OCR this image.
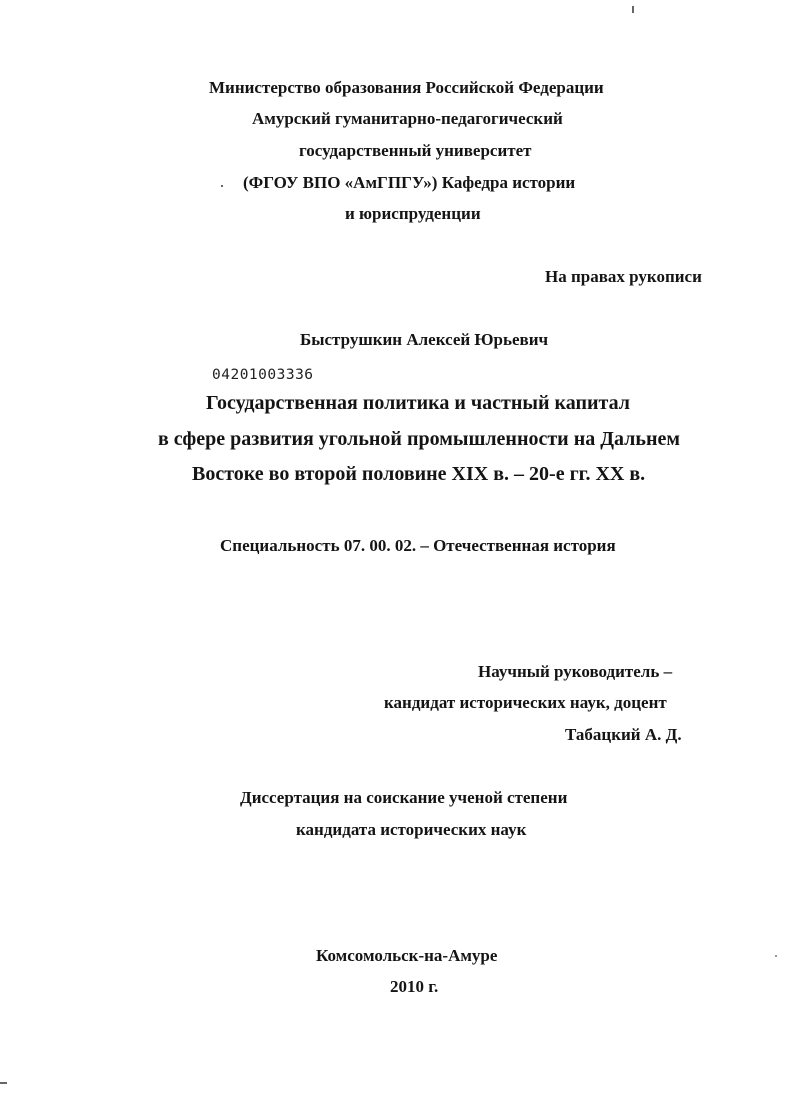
Министерство образования Российской Федерации
Амурский гуманитарно-педагогический
государственный университет
(ФГОУ ВПО «АмГПГУ») Кафедра истории
и юриспруденции
На правах рукописи
Быструшкин Алексей Юрьевич
04201003336
Государственная политика и частный капитал
в сфере развития угольной промышленности на Дальнем
Востоке во второй половине XIX в. – 20-е гг. XX в.
Специальность 07. 00. 02. – Отечественная история
Научный руководитель –
кандидат исторических наук, доцент
Табацкий А. Д.
Диссертация на соискание ученой степени
кандидата исторических наук
Комсомольск-на-Амуре
2010 г.
